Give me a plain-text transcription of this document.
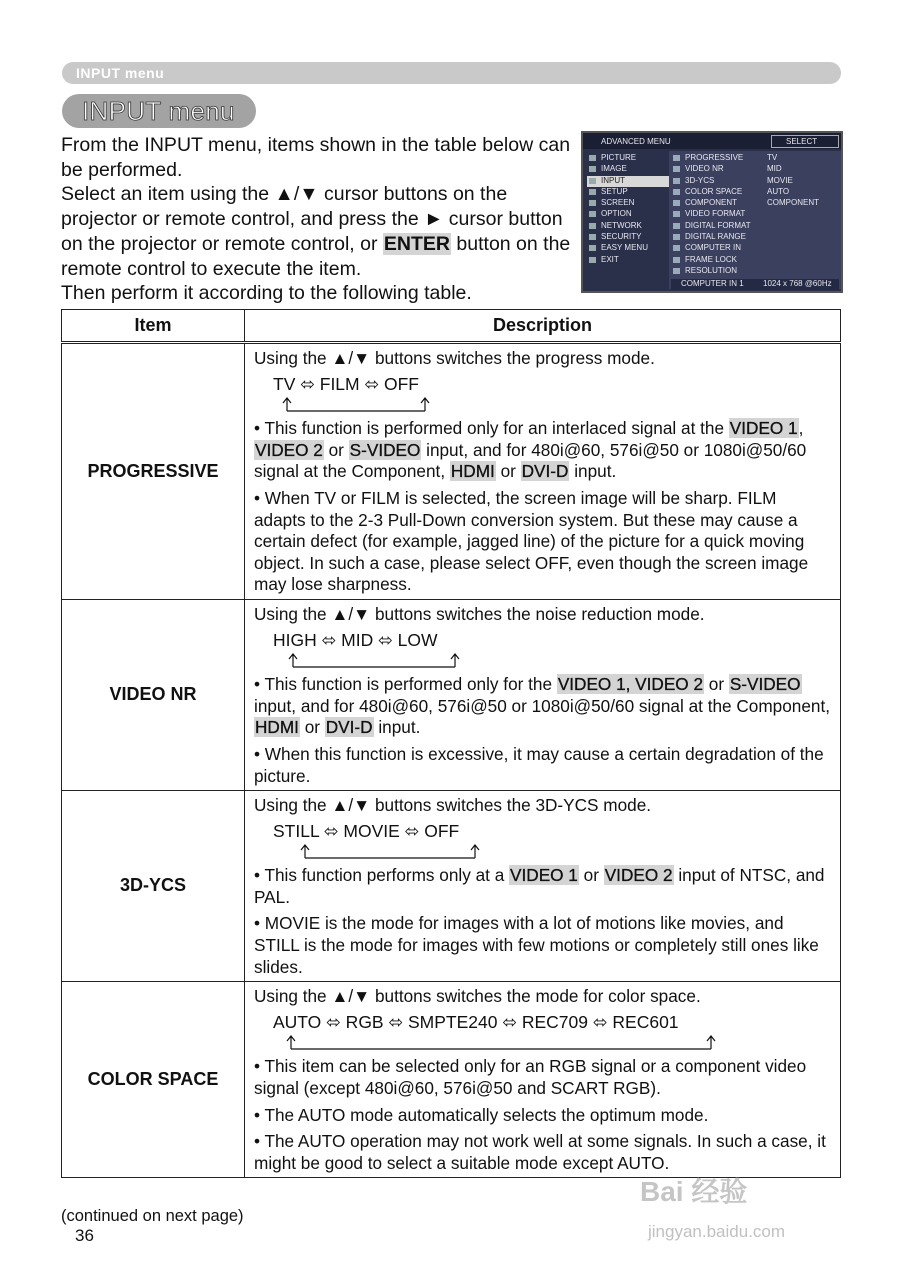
INPUT menu
INPUT menu

From the INPUT menu, items shown in the table below can be performed.

Select an item using the ▲/▼ cursor buttons on the projector or remote control, and press the ► cursor button on the projector or remote control, or ENTER button on the remote control to execute the item.

Then perform it according to the following table.

ADVANCED MENU	SELECT
PICTURE
IMAGE
INPUT
SETUP
SCREEN
OPTION
NETWORK
SECURITY
EASY MENU
EXIT
PROGRESSIVE
VIDEO NR
3D-YCS
COLOR SPACE
COMPONENT
VIDEO FORMAT
DIGITAL FORMAT
DIGITAL RANGE
COMPUTER IN
FRAME LOCK
RESOLUTION
TV
MID
MOVIE
AUTO
COMPONENT
COMPUTER IN 1 1024 x 768 @60Hz
Item	Description
PROGRESSIVE	Using the ▲/▼ buttons switches the progress mode.

TV ⬄ FILM ⬄ OFF

• This function is performed only for an interlaced signal at the VIDEO 1, VIDEO 2 or S-VIDEO input, and for 480i@60, 576i@50 or 1080i@50/60 signal at the Component, HDMI or DVI-D input.

• When TV or FILM is selected, the screen image will be sharp. FILM adapts to the 2-3 Pull-Down conversion system. But these may cause a certain defect (for example, jagged line) of the picture for a quick moving object. In such a case, please select OFF, even though the screen image may lose sharpness.

VIDEO NR	Using the ▲/▼ buttons switches the noise reduction mode.

HIGH ⬄ MID ⬄ LOW

• This function is performed only for the VIDEO 1, VIDEO 2 or S-VIDEO input, and for 480i@60, 576i@50 or 1080i@50/60 signal at the Component, HDMI or DVI-D input.

• When this function is excessive, it may cause a certain degradation of the picture.

3D-YCS	Using the ▲/▼ buttons switches the 3D-YCS mode.

STILL ⬄ MOVIE ⬄ OFF

• This function performs only at a VIDEO 1 or VIDEO 2 input of NTSC, and PAL.

• MOVIE is the mode for images with a lot of motions like movies, and STILL is the mode for images with few motions or completely still ones like slides.

COLOR SPACE	Using the ▲/▼ buttons switches the mode for color space.

AUTO ⬄ RGB ⬄ SMPTE240 ⬄ REC709 ⬄ REC601

• This item can be selected only for an RGB signal or a component video signal (except 480i@60, 576i@50 and SCART RGB).

• The AUTO mode automatically selects the optimum mode.

• The AUTO operation may not work well at some signals. In such a case, it might be good to select a suitable mode except AUTO.

(continued on next page)
36
Bai 经验
jingyan.baidu.com
